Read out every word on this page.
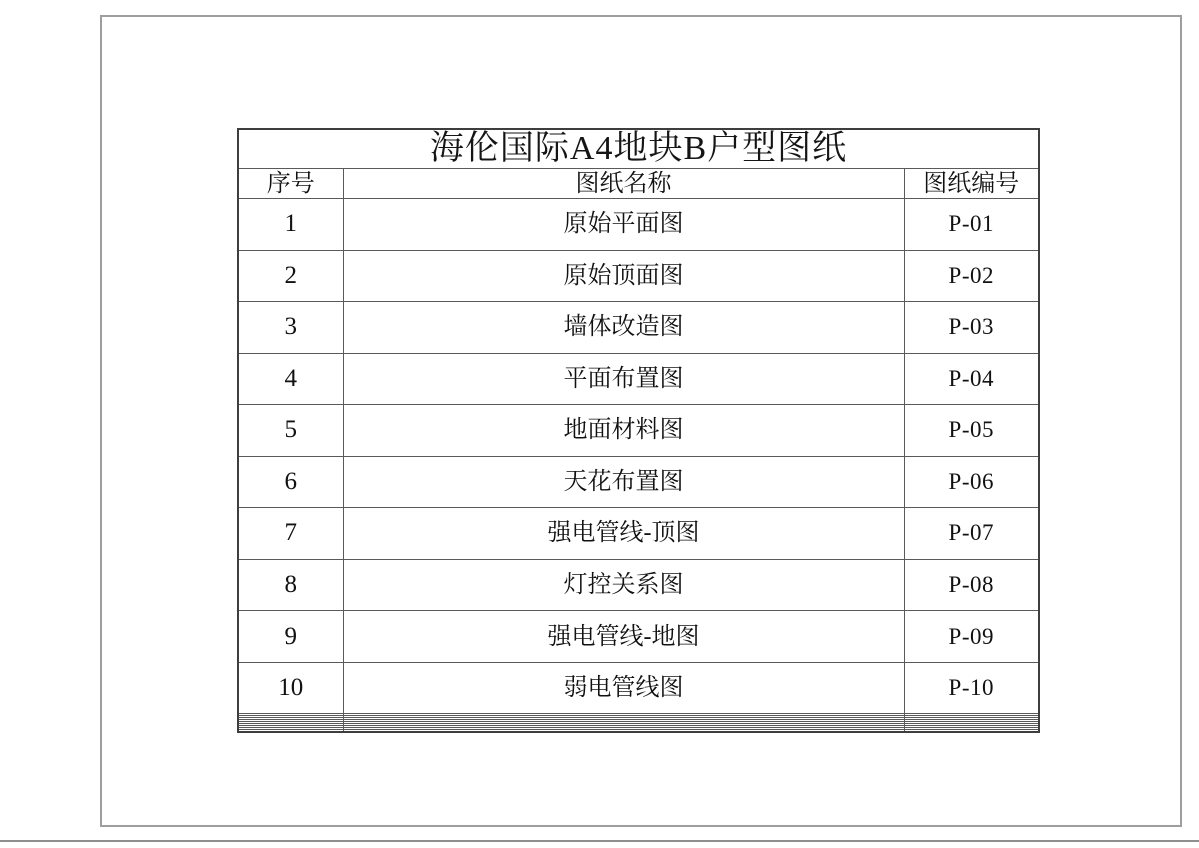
海伦国际A4地块B户型图纸		
序号	图纸名称	图纸编号
1	原始平面图	P-01
2	原始顶面图	P-02
3	墙体改造图	P-03
4	平面布置图	P-04
5	地面材料图	P-05
6	天花布置图	P-06
7	强电管线-顶图	P-07
8	灯控关系图	P-08
9	强电管线-地图	P-09
10	弱电管线图	P-10
